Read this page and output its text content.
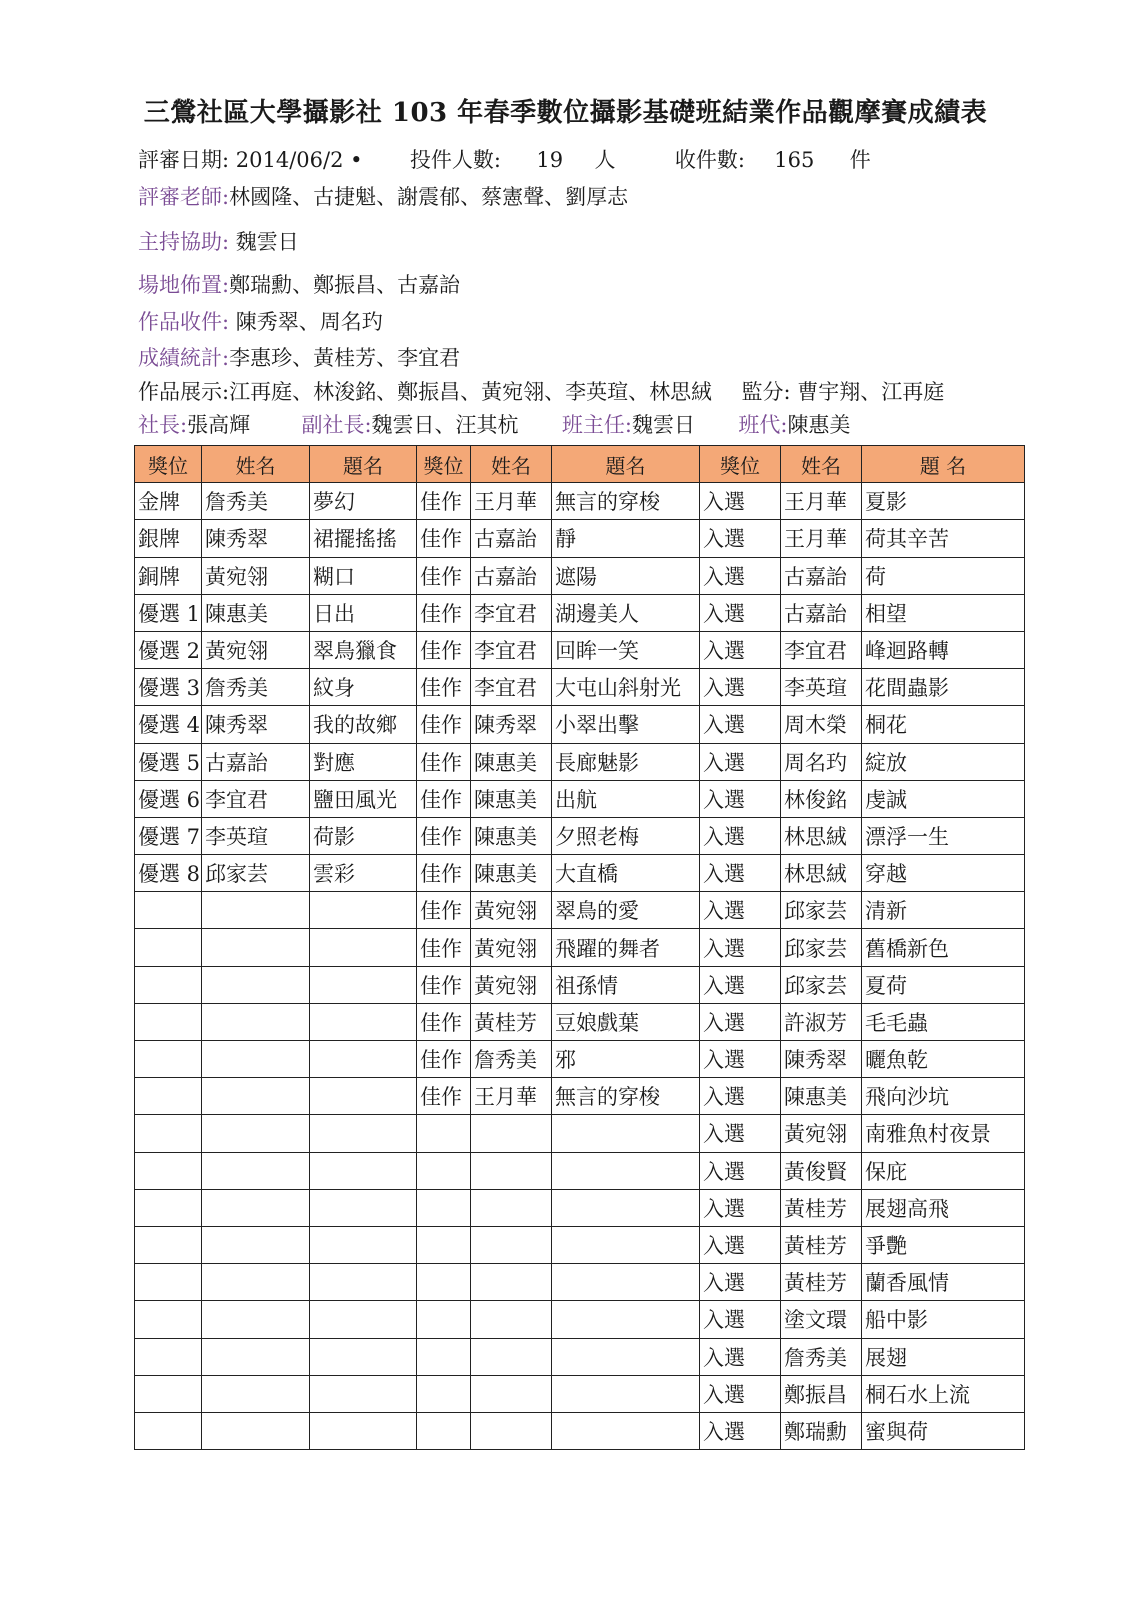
三鶯社區大學攝影社 103 年春季數位攝影基礎班結業作品觀摩賽成績表
評審日期: 2014/06/2 • 投件人數: 19 人	收件數: 165 件
評審老師:林國隆、古捷魁、謝震郁、蔡憲聲、劉厚志
主持協助: 魏雲日
場地佈置:鄭瑞勳、鄭振昌、古嘉詒
作品收件: 陳秀翠、周名玓
成績統計:李惠珍、黃桂芳、李宜君
作品展示:江再庭、林浚銘、鄭振昌、黃宛翎、李英瑄、林思絨 監分: 曹宇翔、江再庭
社長:張高輝 副社長:魏雲日、汪其杭 班主任:魏雲日 班代:陳惠美
獎位	姓名	題名	獎位	姓名	題名	獎位	姓名	題 名
金牌	詹秀美	夢幻	佳作	王月華	無言的穿梭	入選	王月華	夏影
銀牌	陳秀翠	裙擺搖搖	佳作	古嘉詒	靜	入選	王月華	荷其辛苦
銅牌	黃宛翎	糊口	佳作	古嘉詒	遮陽	入選	古嘉詒	荷
優選 1	陳惠美	日出	佳作	李宜君	湖邊美人	入選	古嘉詒	相望
優選 2	黃宛翎	翠鳥獵食	佳作	李宜君	回眸一笑	入選	李宜君	峰迴路轉
優選 3	詹秀美	紋身	佳作	李宜君	大屯山斜射光	入選	李英瑄	花間蟲影
優選 4	陳秀翠	我的故鄉	佳作	陳秀翠	小翠出擊	入選	周木榮	桐花
優選 5	古嘉詒	對應	佳作	陳惠美	長廊魅影	入選	周名玓	綻放
優選 6	李宜君	鹽田風光	佳作	陳惠美	出航	入選	林俊銘	虔誠
優選 7	李英瑄	荷影	佳作	陳惠美	夕照老梅	入選	林思絨	漂浮一生
優選 8	邱家芸	雲彩	佳作	陳惠美	大直橋	入選	林思絨	穿越
			佳作	黃宛翎	翠鳥的愛	入選	邱家芸	清新
			佳作	黃宛翎	飛躍的舞者	入選	邱家芸	舊橋新色
			佳作	黃宛翎	祖孫情	入選	邱家芸	夏荷
			佳作	黃桂芳	豆娘戲葉	入選	許淑芳	毛毛蟲
			佳作	詹秀美	邪	入選	陳秀翠	曬魚乾
			佳作	王月華	無言的穿梭	入選	陳惠美	飛向沙坑
						入選	黃宛翎	南雅魚村夜景
						入選	黃俊賢	保庇
						入選	黃桂芳	展翅高飛
						入選	黃桂芳	爭艷
						入選	黃桂芳	蘭香風情
						入選	塗文環	船中影
						入選	詹秀美	展翅
						入選	鄭振昌	桐石水上流
						入選	鄭瑞勳	蜜與荷
